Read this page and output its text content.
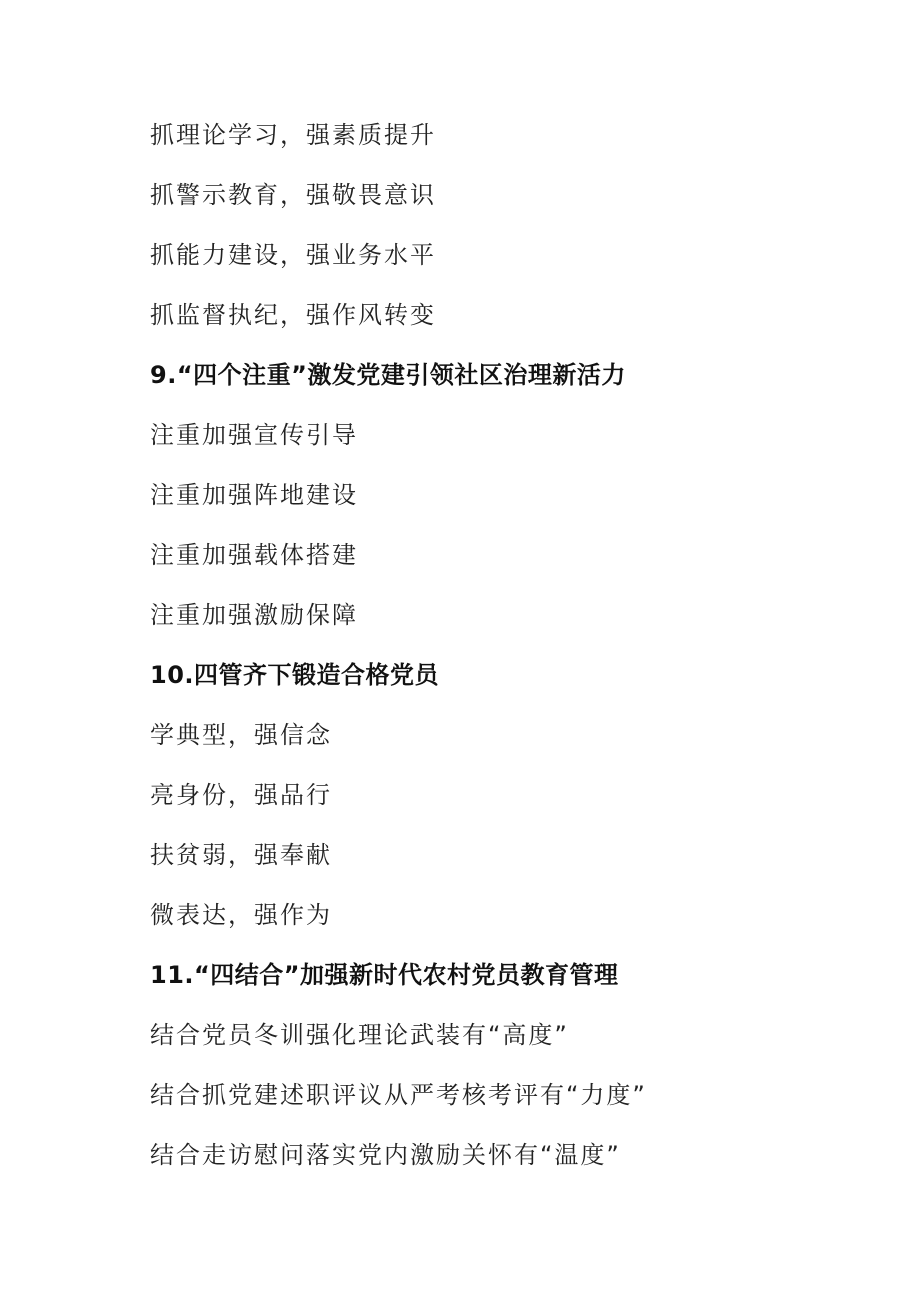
抓理论学习，强素质提升
抓警示教育，强敬畏意识
抓能力建设，强业务水平
抓监督执纪，强作风转变
9.“四个注重”激发党建引领社区治理新活力
注重加强宣传引导
注重加强阵地建设
注重加强载体搭建
注重加强激励保障
10.四管齐下锻造合格党员
学典型，强信念
亮身份，强品行
扶贫弱，强奉献
微表达，强作为
11.“四结合”加强新时代农村党员教育管理
结合党员冬训强化理论武装有“高度”
结合抓党建述职评议从严考核考评有“力度”
结合走访慰问落实党内激励关怀有“温度”
